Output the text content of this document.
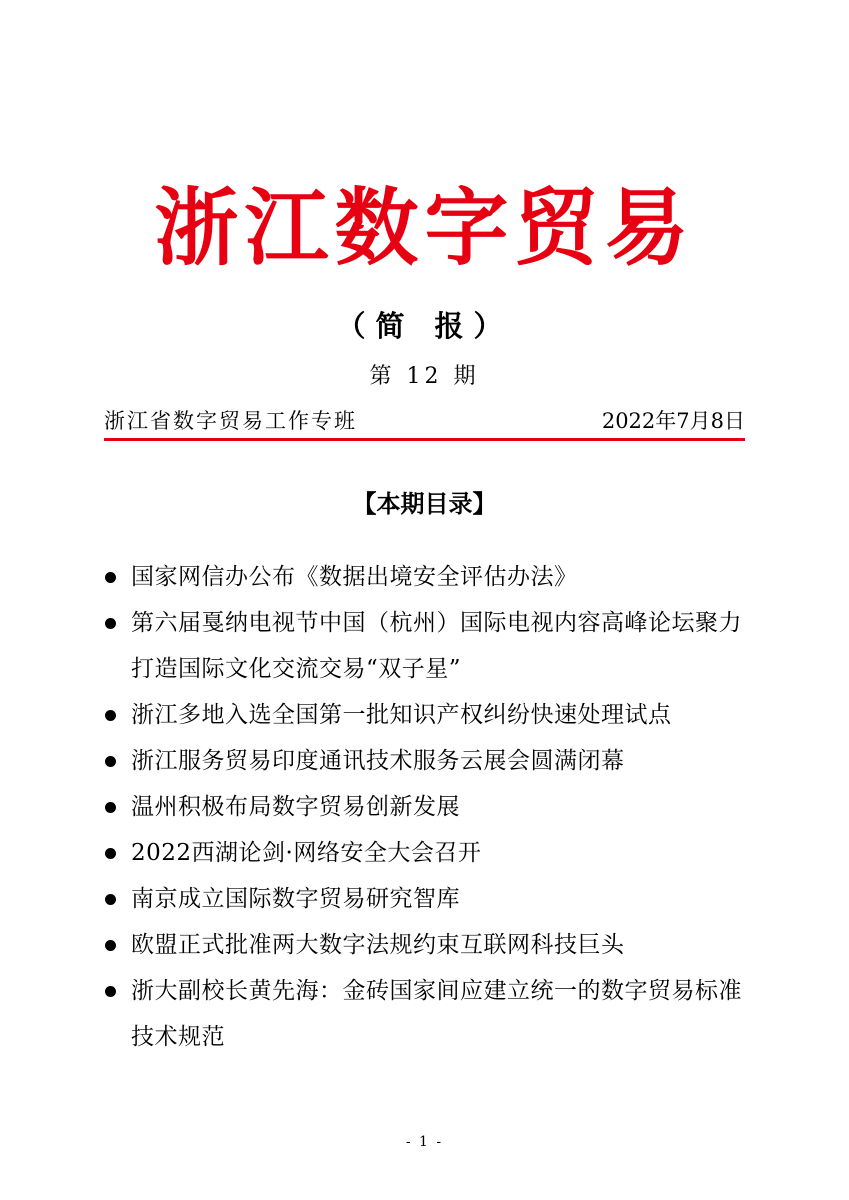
浙江数字贸易
（简 报）
第 12 期
浙江省数字贸易工作专班	2022年7月8日
【本期目录】
国家网信办公布《数据出境安全评估办法》
第六届戛纳电视节中国（杭州）国际电视内容高峰论坛聚力打造国际文化交流交易“双子星”
浙江多地入选全国第一批知识产权纠纷快速处理试点
浙江服务贸易印度通讯技术服务云展会圆满闭幕
温州积极布局数字贸易创新发展
2022西湖论剑·网络安全大会召开
南京成立国际数字贸易研究智库
欧盟正式批准两大数字法规约束互联网科技巨头
浙大副校长黄先海：金砖国家间应建立统一的数字贸易标准技术规范
- 1 -
